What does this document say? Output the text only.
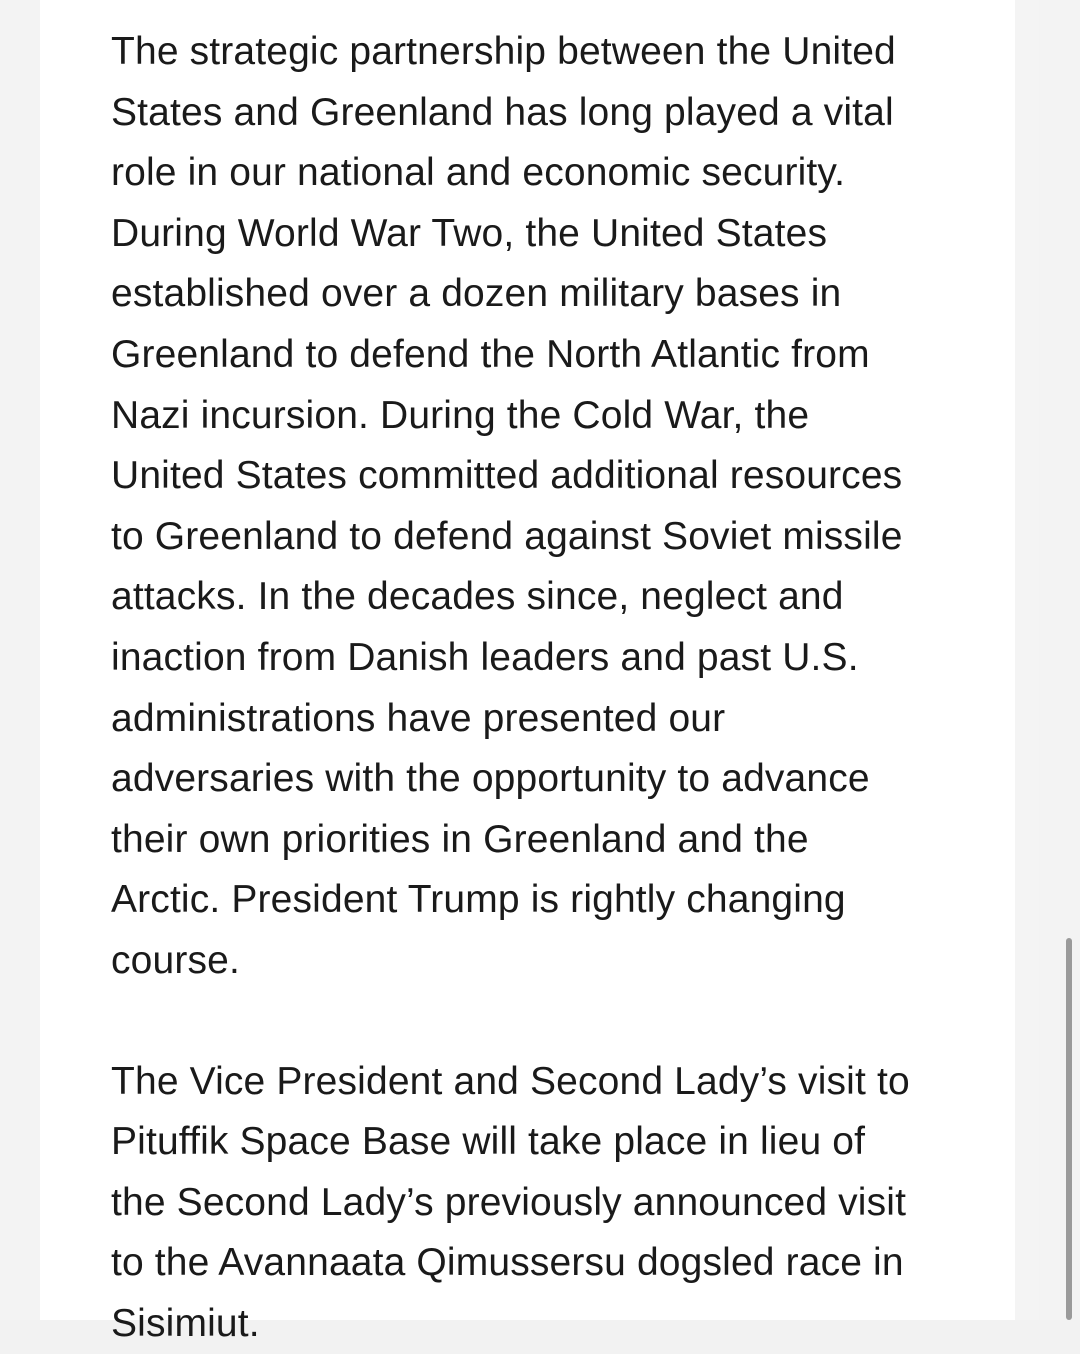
The strategic partnership between the United
States and Greenland has long played a vital
role in our national and economic security.
During World War Two, the United States
established over a dozen military bases in
Greenland to defend the North Atlantic from
Nazi incursion. During the Cold War, the
United States committed additional resources
to Greenland to defend against Soviet missile
attacks. In the decades since, neglect and
inaction from Danish leaders and past U.S.
administrations have presented our
adversaries with the opportunity to advance
their own priorities in Greenland and the
Arctic. President Trump is rightly changing
course.
The Vice President and Second Lady’s visit to
Pituffik Space Base will take place in lieu of
the Second Lady’s previously announced visit
to the Avannaata Qimussersu dogsled race in
Sisimiut.
